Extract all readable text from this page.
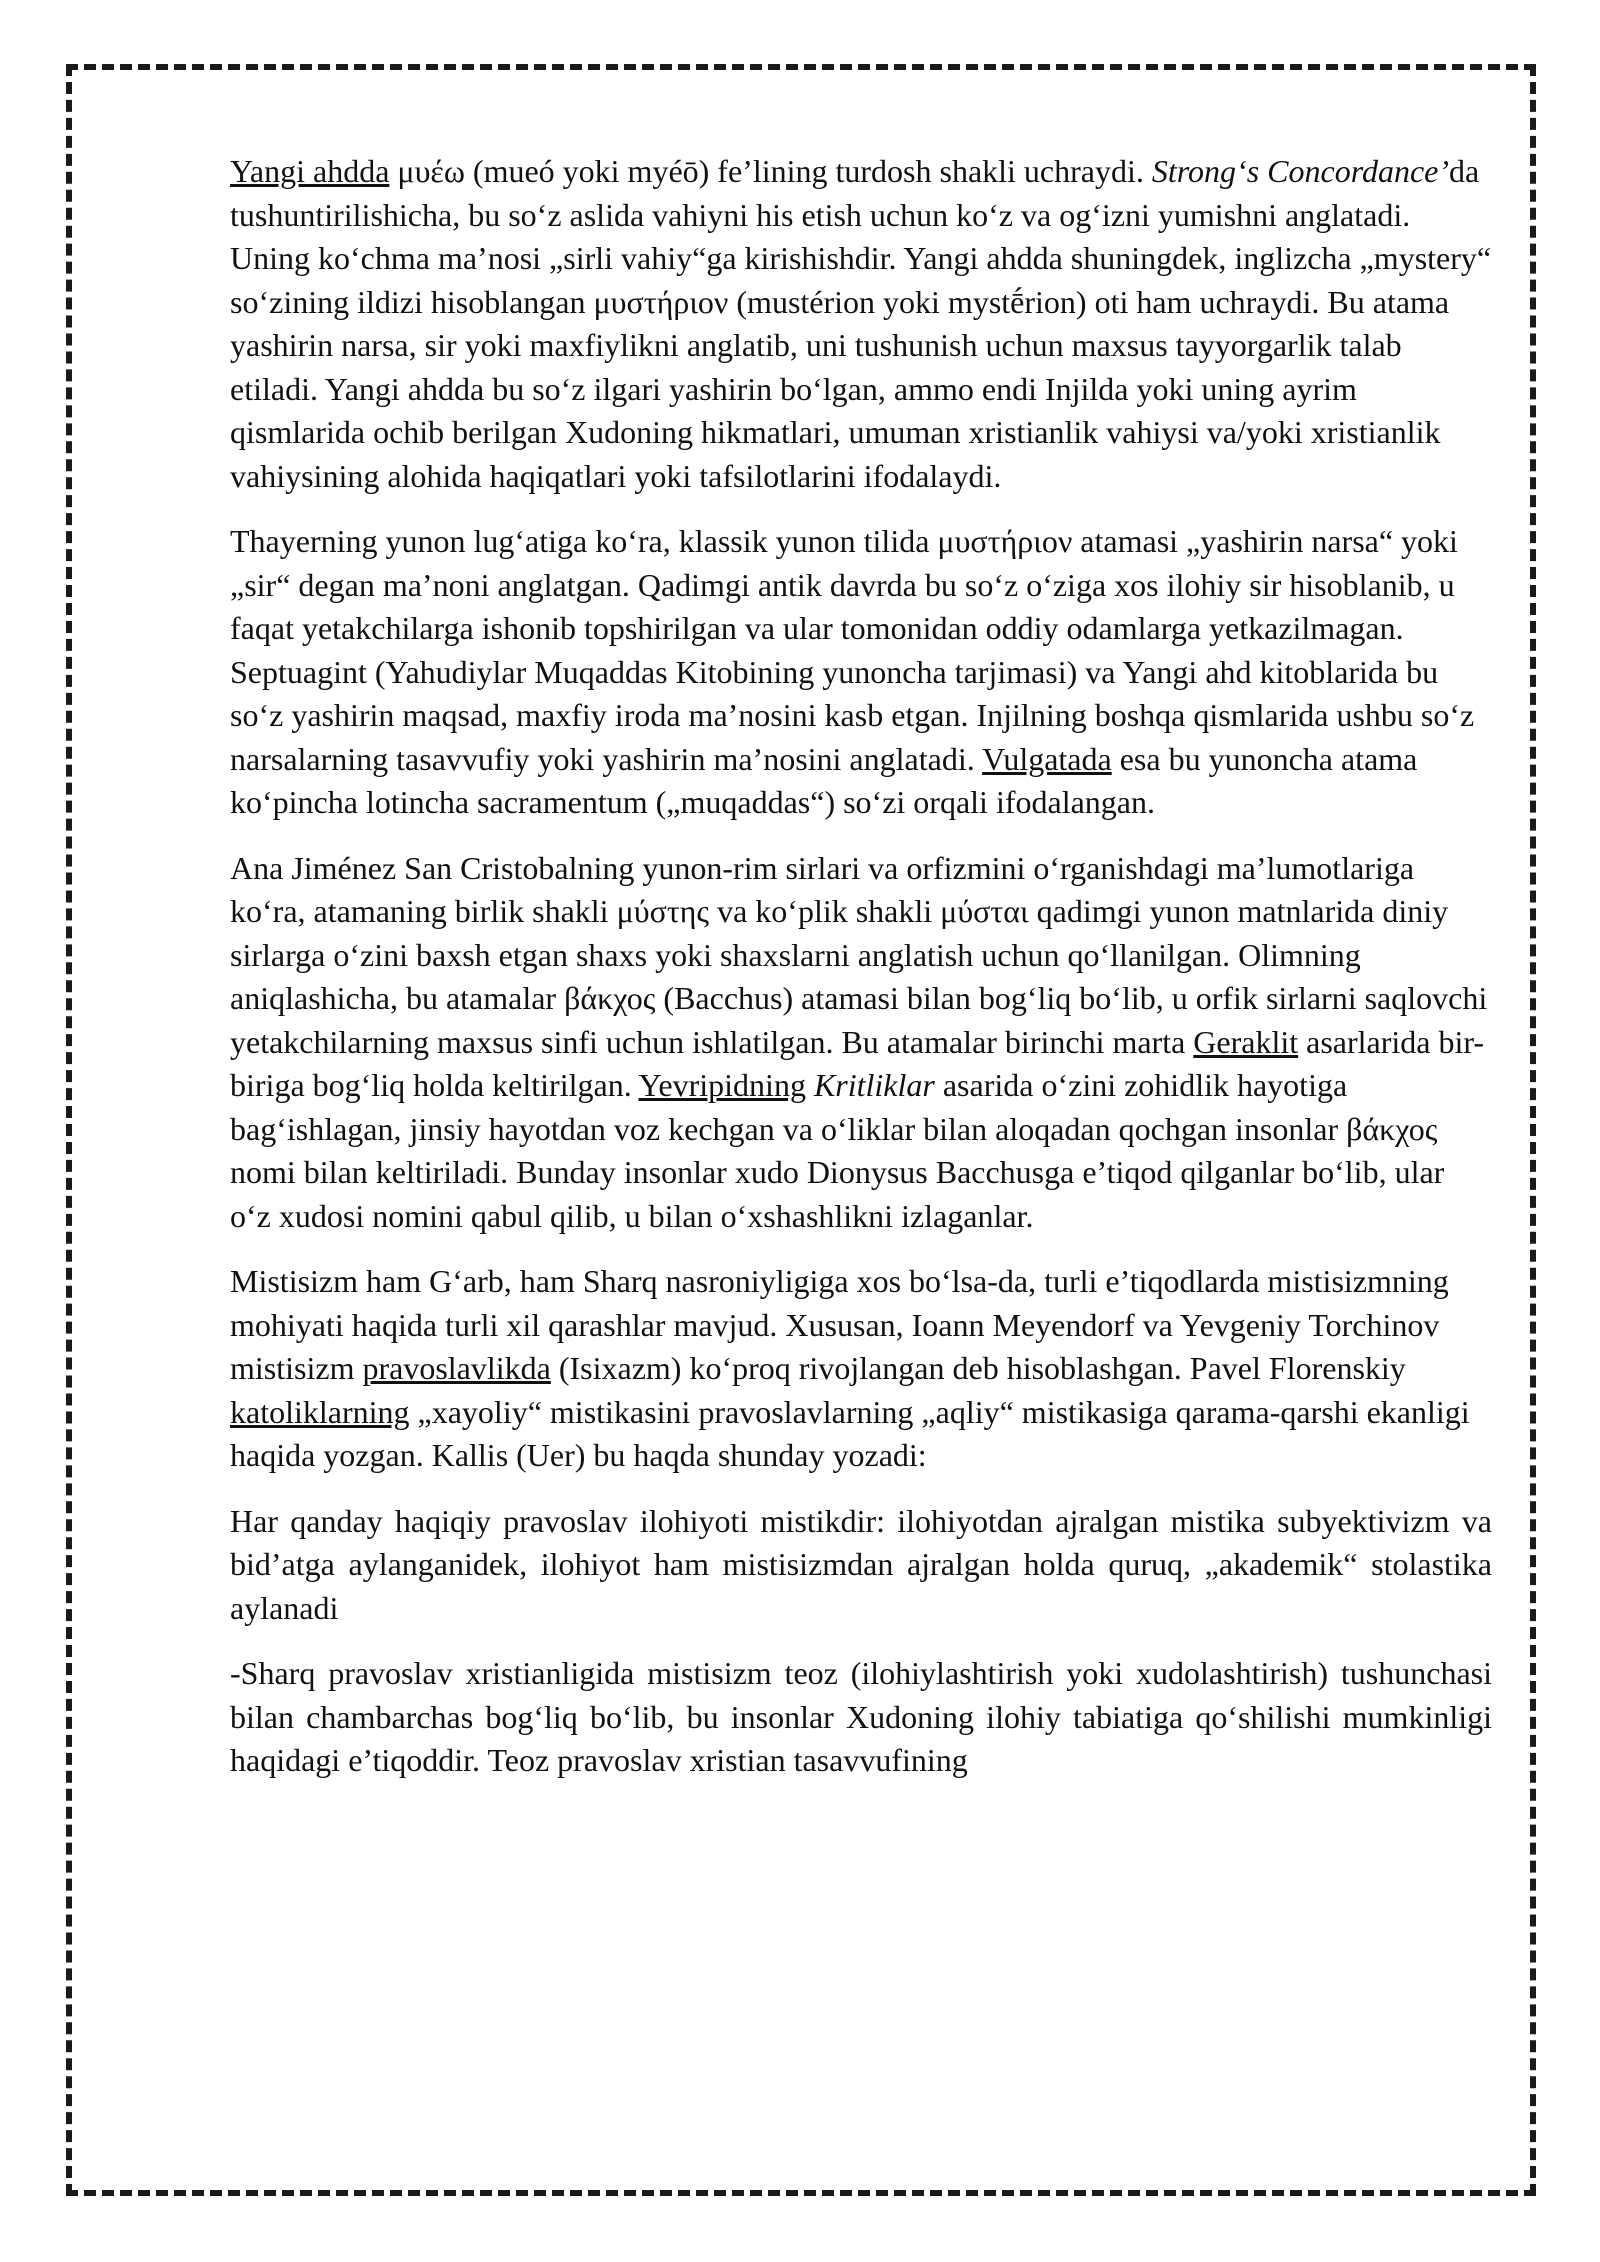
Yangi ahdda μυέω (mueó yoki myéō) fe’lining turdosh shakli uchraydi. Strong‘s Concordance’da tushuntirilishicha, bu so‘z aslida vahiyni his etish uchun ko‘z va og‘izni yumishni anglatadi. Uning ko‘chma ma’nosi „sirli vahiy“ga kirishishdir. Yangi ahdda shuningdek, inglizcha „mystery“ so‘zining ildizi hisoblangan μυστήριον (mustérion yoki mystḗrion) oti ham uchraydi. Bu atama yashirin narsa, sir yoki maxfiylikni anglatib, uni tushunish uchun maxsus tayyorgarlik talab etiladi. Yangi ahdda bu so‘z ilgari yashirin bo‘lgan, ammo endi Injilda yoki uning ayrim qismlarida ochib berilgan Xudoning hikmatlari, umuman xristianlik vahiysi va/yoki xristianlik vahiysining alohida haqiqatlari yoki tafsilotlarini ifodalaydi.

Thayerning yunon lug‘atiga ko‘ra, klassik yunon tilida μυστήριον atamasi „yashirin narsa“ yoki „sir“ degan ma’noni anglatgan. Qadimgi antik davrda bu so‘z o‘ziga xos ilohiy sir hisoblanib, u faqat yetakchilarga ishonib topshirilgan va ular tomonidan oddiy odamlarga yetkazilmagan. Septuagint (Yahudiylar Muqaddas Kitobining yunoncha tarjimasi) va Yangi ahd kitoblarida bu so‘z yashirin maqsad, maxfiy iroda ma’nosini kasb etgan. Injilning boshqa qismlarida ushbu so‘z narsalarning tasavvufiy yoki yashirin ma’nosini anglatadi. Vulgatada esa bu yunoncha atama ko‘pincha lotincha sacramentum („muqaddas“) so‘zi orqali ifodalangan.

Ana Jiménez San Cristobalning yunon-rim sirlari va orfizmini o‘rganishdagi ma’lumotlariga ko‘ra, atamaning birlik shakli μύστης va ko‘plik shakli μύσται qadimgi yunon matnlarida diniy sirlarga o‘zini baxsh etgan shaxs yoki shaxslarni anglatish uchun qo‘llanilgan. Olimning aniqlashicha, bu atamalar βάκχος (Bacchus) atamasi bilan bog‘liq bo‘lib, u orfik sirlarni saqlovchi yetakchilarning maxsus sinfi uchun ishlatilgan. Bu atamalar birinchi marta Geraklit asarlarida bir-biriga bog‘liq holda keltirilgan. Yevripidning Kritliklar asarida o‘zini zohidlik hayotiga bag‘ishlagan, jinsiy hayotdan voz kechgan va o‘liklar bilan aloqadan qochgan insonlar βάκχος nomi bilan keltiriladi. Bunday insonlar xudo Dionysus Bacchusga e’tiqod qilganlar bo‘lib, ular o‘z xudosi nomini qabul qilib, u bilan o‘xshashlikni izlaganlar.

Mistisizm ham G‘arb, ham Sharq nasroniyligiga xos bo‘lsa-da, turli e’tiqodlarda mistisizmning mohiyati haqida turli xil qarashlar mavjud. Xususan, Ioann Meyendorf va Yevgeniy Torchinov mistisizm pravoslavlikda (Isixazm) ko‘proq rivojlangan deb hisoblashgan. Pavel Florenskiy katoliklarning „xayoliy“ mistikasini pravoslavlarning „aqliy“ mistikasiga qarama-qarshi ekanligi haqida yozgan. Kallis (Uer) bu haqda shunday yozadi:

Har qanday haqiqiy pravoslav ilohiyoti mistikdir: ilohiyotdan ajralgan mistika subyektivizm va bid’atga aylanganidek, ilohiyot ham mistisizmdan ajralgan holda quruq, „akademik“ stolastika aylanadi

-Sharq pravoslav xristianligida mistisizm teoz (ilohiylashtirish yoki xudolashtirish) tushunchasi bilan chambarchas bog‘liq bo‘lib, bu insonlar Xudoning ilohiy tabiatiga qo‘shilishi mumkinligi haqidagi e’tiqoddir. Teoz pravoslav xristian tasavvufining
